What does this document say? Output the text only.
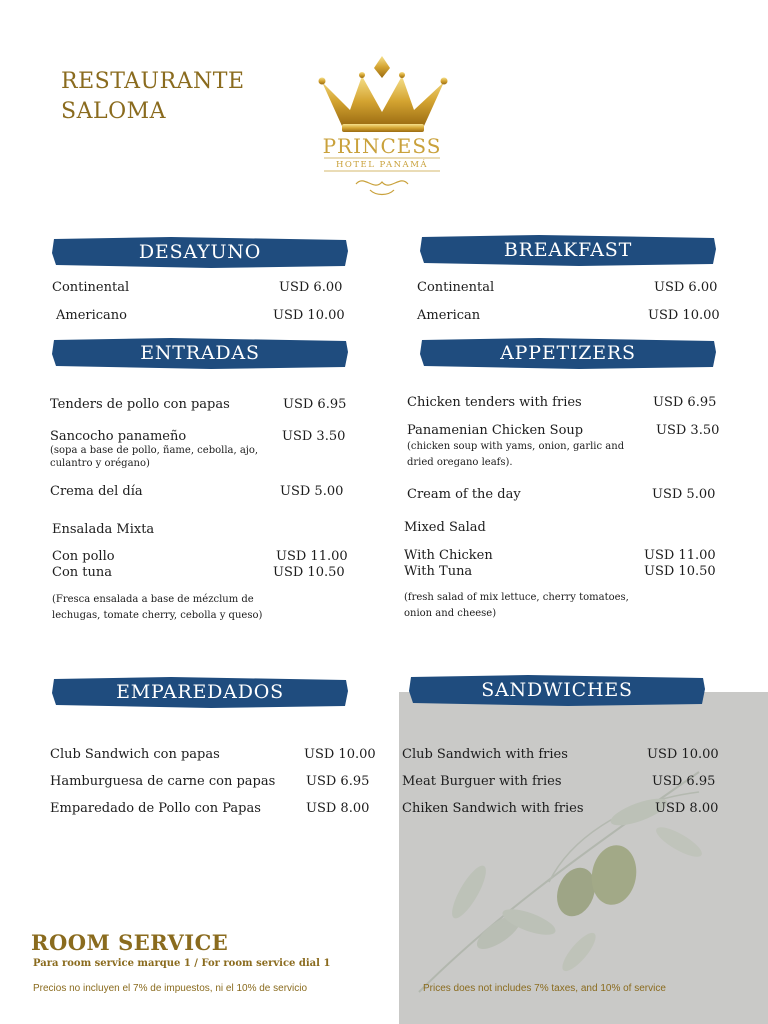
RESTAURANTE
SALOMA
PRINCESS
HOTEL PANAMÁ
DESAYUNO	BREAKFAST
ENTRADAS	APPETIZERS
EMPAREDADOS	SANDWICHES
Continental	USD 6.00
Americano	USD 10.00
Continental	USD 6.00
American	USD 10.00
Tenders de pollo con papas	USD 6.95
Sancocho panameño	USD 3.50
(sopa a base de pollo, ñame, cebolla, ajo,
culantro y orégano)
Crema del día	USD 5.00
Ensalada Mixta
Con pollo	USD 11.00
Con tuna	USD 10.50
(Fresca ensalada a base de mézclum de
lechugas, tomate cherry, cebolla y queso)
Chicken tenders with fries	USD 6.95
Panamenian Chicken Soup	USD 3.50
(chicken soup with yams, onion, garlic and
dried oregano leafs).
Cream of the day	USD 5.00
Mixed Salad
With Chicken	USD 11.00
With Tuna	USD 10.50
(fresh salad of mix lettuce, cherry tomatoes,
onion and cheese)
Club Sandwich con papas	USD 10.00
Hamburguesa de carne con papas USD 6.95
Emparedado de Pollo con Papas	USD 8.00
Club Sandwich with fries	USD 10.00
Meat Burguer with fries	USD 6.95
Chiken Sandwich with fries	USD 8.00
ROOM SERVICE
Para room service marque 1 / For room service dial 1
Precios no incluyen el 7% de impuestos, ni el 10% de servicio	Prices does not includes 7% taxes, and 10% of service
